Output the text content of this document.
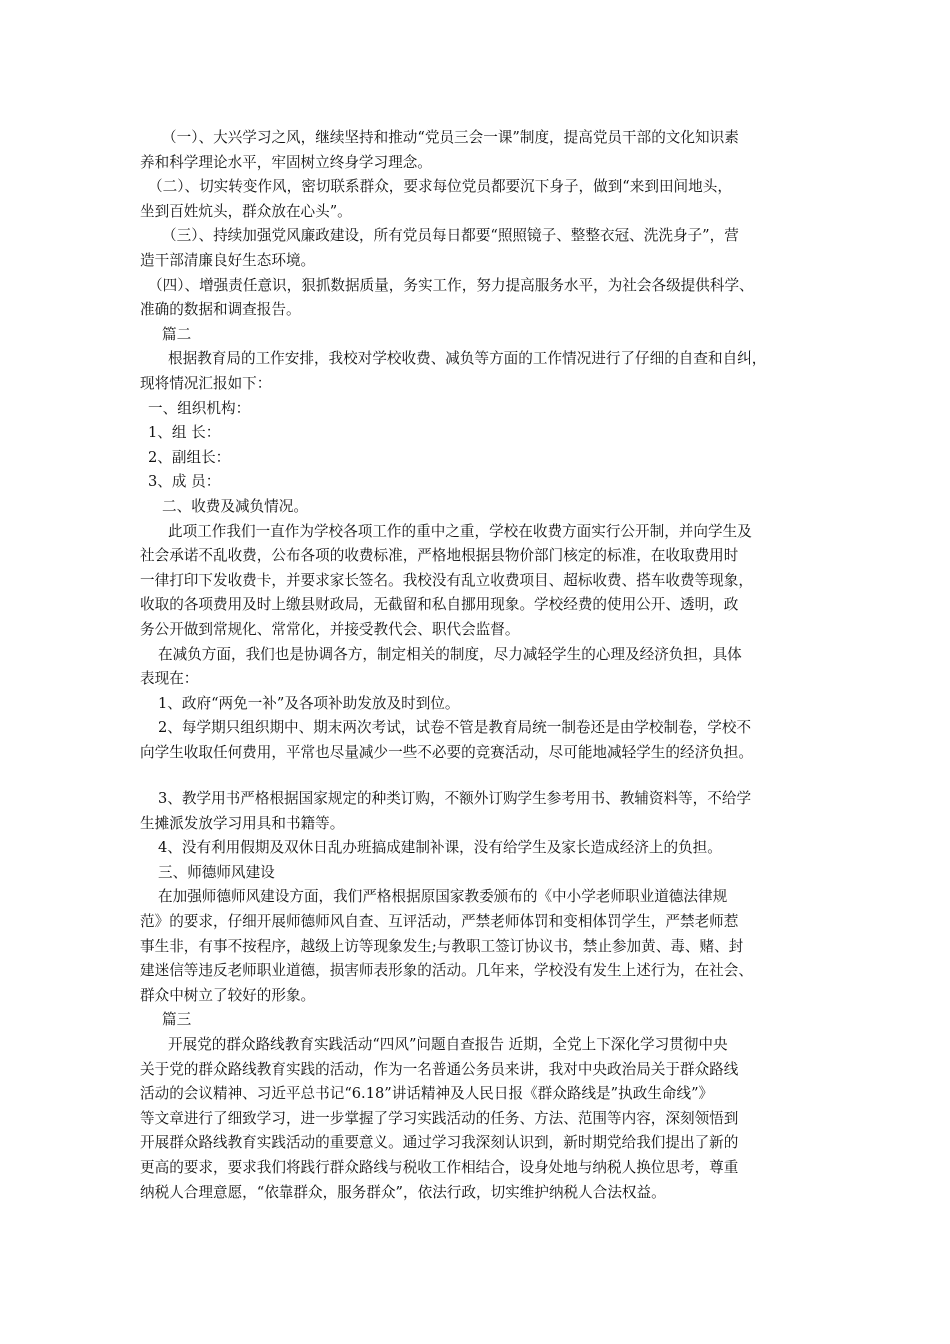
（一）、大兴学习之风，继续坚持和推动“党员三会一课”制度，提高党员干部的文化知识素
养和科学理论水平，牢固树立终身学习理念。
（二）、切实转变作风，密切联系群众，要求每位党员都要沉下身子，做到“来到田间地头，
坐到百姓炕头，群众放在心头”。
（三）、持续加强党风廉政建设，所有党员每日都要“照照镜子、整整衣冠、洗洗身子”，营
造干部清廉良好生态环境。
（四）、增强责任意识，狠抓数据质量，务实工作，努力提高服务水平，为社会各级提供科学、
准确的数据和调查报告。
篇二
根据教育局的工作安排，我校对学校收费、减负等方面的工作情况进行了仔细的自查和自纠，
现将情况汇报如下：
一、组织机构：
1、组 长：
2、副组长：
3、成 员：
二、收费及减负情况。
此项工作我们一直作为学校各项工作的重中之重，学校在收费方面实行公开制，并向学生及
社会承诺不乱收费，公布各项的收费标准，严格地根据县物价部门核定的标准，在收取费用时
一律打印下发收费卡，并要求家长签名。我校没有乱立收费项目、超标收费、搭车收费等现象，
收取的各项费用及时上缴县财政局，无截留和私自挪用现象。学校经费的使用公开、透明，政
务公开做到常规化、常常化，并接受教代会、职代会监督。
在减负方面，我们也是协调各方，制定相关的制度，尽力减轻学生的心理及经济负担，具体
表现在：
1、政府“两免一补”及各项补助发放及时到位。
2、每学期只组织期中、期末两次考试，试卷不管是教育局统一制卷还是由学校制卷，学校不
向学生收取任何费用，平常也尽量减少一些不必要的竞赛活动，尽可能地减轻学生的经济负担。
3、教学用书严格根据国家规定的种类订购，不额外订购学生参考用书、教辅资料等，不给学
生摊派发放学习用具和书籍等。
4、没有利用假期及双休日乱办班搞成建制补课，没有给学生及家长造成经济上的负担。
三、师德师风建设
在加强师德师风建设方面，我们严格根据原国家教委颁布的《中小学老师职业道德法律规
范》的要求，仔细开展师德师风自查、互评活动，严禁老师体罚和变相体罚学生，严禁老师惹
事生非，有事不按程序，越级上访等现象发生;与教职工签订协议书，禁止参加黄、毒、赌、封
建迷信等违反老师职业道德，损害师表形象的活动。几年来，学校没有发生上述行为，在社会、
群众中树立了较好的形象。
篇三
开展党的群众路线教育实践活动“四风”问题自查报告 近期，全党上下深化学习贯彻中央
关于党的群众路线教育实践的活动，作为一名普通公务员来讲，我对中央政治局关于群众路线
活动的会议精神、习近平总书记“6.18”讲话精神及人民日报《群众路线是”执政生命线”》
等文章进行了细致学习，进一步掌握了学习实践活动的任务、方法、范围等内容，深刻领悟到
开展群众路线教育实践活动的重要意义。通过学习我深刻认识到，新时期党给我们提出了新的
更高的要求，要求我们将践行群众路线与税收工作相结合，设身处地与纳税人换位思考，尊重
纳税人合理意愿，“依靠群众，服务群众”，依法行政，切实维护纳税人合法权益。
